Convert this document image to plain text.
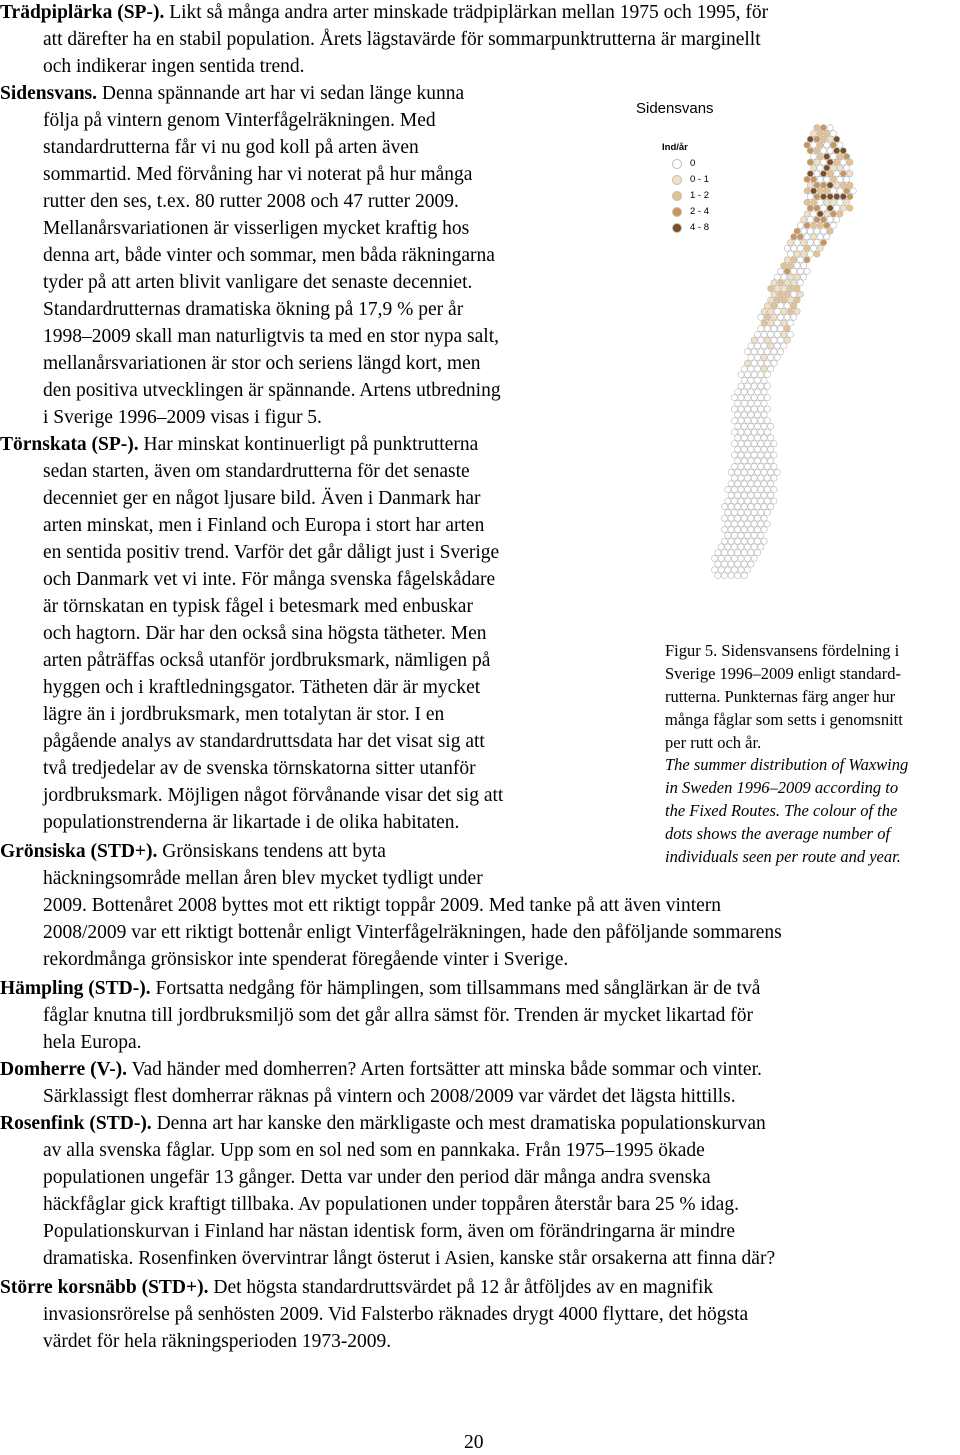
Trädpiplärka (SP-). Likt så många andra arter minskade trädpiplärkan mellan 1975 och 1995, för
att därefter ha en stabil population. Årets lägstavärde för sommarpunktrutterna är marginellt
och indikerar ingen sentida trend.
Sidensvans. Denna spännande art har vi sedan länge kunna
följa på vintern genom Vinterfågelräkningen. Med
standardrutterna får vi nu god koll på arten även
sommartid. Med förvåning har vi noterat på hur många
rutter den ses, t.ex. 80 rutter 2008 och 47 rutter 2009.
Mellanårsvariationen är visserligen mycket kraftig hos
denna art, både vinter och sommar, men båda räkningarna
tyder på att arten blivit vanligare det senaste decenniet.
Standardrutternas dramatiska ökning på 17,9 % per år
1998–2009 skall man naturligtvis ta med en stor nypa salt,
mellanårsvariationen är stor och seriens längd kort, men
den positiva utvecklingen är spännande. Artens utbredning
i Sverige 1996–2009 visas i figur 5.
Törnskata (SP-). Har minskat kontinuerligt på punktrutterna
sedan starten, även om standardrutterna för det senaste
decenniet ger en något ljusare bild. Även i Danmark har
arten minskat, men i Finland och Europa i stort har arten
en sentida positiv trend. Varför det går dåligt just i Sverige
och Danmark vet vi inte. För många svenska fågelskådare
är törnskatan en typisk fågel i betesmark med enbuskar
och hagtorn. Där har den också sina högsta tätheter. Men
arten påträffas också utanför jordbruksmark, nämligen på
hyggen och i kraftledningsgator. Tätheten där är mycket
lägre än i jordbruksmark, men totalytan är stor. I en
pågående analys av standardruttsdata har det visat sig att
två tredjedelar av de svenska törnskatorna sitter utanför
jordbruksmark. Möjligen något förvånande visar det sig att
populationstrenderna är likartade i de olika habitaten.
Grönsiska (STD+). Grönsiskans tendens att byta
häckningsområde mellan åren blev mycket tydligt under
2009. Bottenåret 2008 byttes mot ett riktigt toppår 2009. Med tanke på att även vintern
2008/2009 var ett riktigt bottenår enligt Vinterfågelräkningen, hade den påföljande sommarens
rekordmånga grönsiskor inte spenderat föregående vinter i Sverige.
Hämpling (STD-). Fortsatta nedgång för hämplingen, som tillsammans med sånglärkan är de två
fåglar knutna till jordbruksmiljö som det går allra sämst för. Trenden är mycket likartad för
hela Europa.
Domherre (V-). Vad händer med domherren? Arten fortsätter att minska både sommar och vinter.
Särklassigt flest domherrar räknas på vintern och 2008/2009 var värdet det lägsta hittills.
Rosenfink (STD-). Denna art har kanske den märkligaste och mest dramatiska populationskurvan
av alla svenska fåglar. Upp som en sol ned som en pannkaka. Från 1975–1995 ökade
populationen ungefär 13 gånger. Detta var under den period där många andra svenska
häckfåglar gick kraftigt tillbaka. Av populationen under toppåren återstår bara 25 % idag.
Populationskurvan i Finland har nästan identisk form, även om förändringarna är mindre
dramatiska. Rosenfinken övervintrar långt österut i Asien, kanske står orsakerna att finna där?
Större korsnäbb (STD+). Det högsta standardruttsvärdet på 12 år åtföljdes av en magnifik
invasionsrörelse på senhösten 2009. Vid Falsterbo räknades drygt 4000 flyttare, det högsta
värdet för hela räkningsperioden 1973-2009.
Sidensvans
Ind/år
0
0 - 1
1 - 2
2 - 4
4 - 8
Figur 5. Sidensvansens fördelning i
Sverige 1996–2009 enligt standard-
rutterna. Punkternas färg anger hur
många fåglar som setts i genomsnitt
per rutt och år.
The summer distribution of Waxwing
in Sweden 1996–2009 according to
the Fixed Routes. The colour of the
dots shows the average number of
individuals seen per route and year.
20
